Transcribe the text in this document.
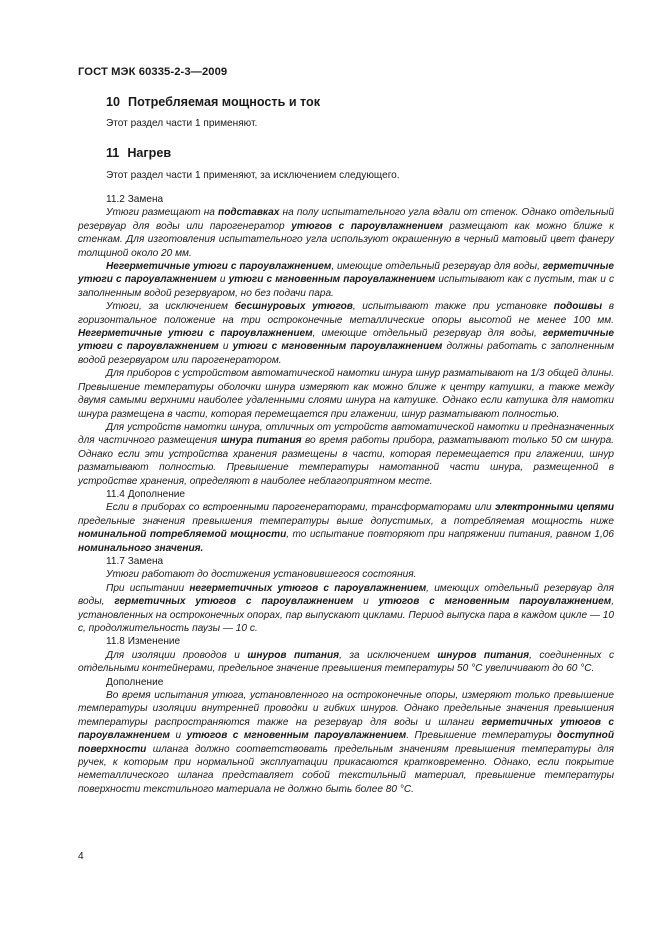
ГОСТ МЭК 60335-2-3—2009
10 Потребляемая мощность и ток
Этот раздел части 1 применяют.
11 Нагрев
Этот раздел части 1 применяют, за исключением следующего.

11.2 Замена

Утюги размещают на подставках на полу испытательного угла вдали от стенок. Однако отдельный резервуар для воды или парогенератор утюгов с пароувлажнением размещают как можно ближе к стенкам. Для изготовления испытательного угла используют окрашенную в черный матовый цвет фанеру толщиной около 20 мм.

Негерметичные утюги с пароувлажнением, имеющие отдельный резервуар для воды, герметичные утюги с пароувлажнением и утюги с мгновенным пароувлажнением испытывают как с пустым, так и с заполненным водой резервуаром, но без подачи пара.

Утюги, за исключением бесшнуровых утюгов, испытывают также при установке подошвы в горизонтальное положение на три остроконечные металлические опоры высотой не менее 100 мм. Негерметичные утюги с пароувлажнением, имеющие отдельный резервуар для воды, герметичные утюги с пароувлажнением и утюги с мгновенным пароувлажнением должны работать с заполненным водой резервуаром или парогенератором.

Для приборов с устройством автоматической намотки шнура шнур разматывают на 1/3 общей длины. Превышение температуры оболочки шнура измеряют как можно ближе к центру катушки, а также между двумя самыми верхними наиболее удаленными слоями шнура на катушке. Однако если катушка для намотки шнура размещена в части, которая перемещается при глажении, шнур разматывают полностью.

Для устройств намотки шнура, отличных от устройств автоматической намотки и предназначенных для частичного размещения шнура питания во время работы прибора, разматывают только 50 см шнура. Однако если эти устройства хранения размещены в части, которая перемещается при глажении, шнур разматывают полностью. Превышение температуры намотанной части шнура, размещенной в устройстве хранения, определяют в наиболее неблагоприятном месте.

11.4 Дополнение

Если в приборах со встроенными парогенераторами, трансформаторами или электронными цепями предельные значения превышения температуры выше допустимых, а потребляемая мощность ниже номинальной потребляемой мощности, то испытание повторяют при напряжении питания, равном 1,06 номинального значения.

11.7 Замена

Утюги работают до достижения установившегося состояния.

При испытании негерметичных утюгов с пароувлажнением, имеющих отдельный резервуар для воды, герметичных утюгов с пароувлажнением и утюгов с мгновенным пароувлажнением, установленных на остроконечных опорах, пар выпускают циклами. Период выпуска пара в каждом цикле — 10 с, продолжительность паузы — 10 с.

11.8 Изменение

Для изоляции проводов и шнуров питания, за исключением шнуров питания, соединенных с отдельными контейнерами, предельное значение превышения температуры 50 °C увеличивают до 60 °C.

Дополнение

Во время испытания утюга, установленного на остроконечные опоры, измеряют только превышение температуры изоляции внутренней проводки и гибких шнуров. Однако предельные значения превышения температуры распространяются также на резервуар для воды и шланги герметичных утюгов с пароувлажнением и утюгов с мгновенным пароувлажнением. Превышение температуры доступной поверхности шланга должно соответствовать предельным значениям превышения температуры для ручек, к которым при нормальной эксплуатации прикасаются кратковременно. Однако, если покрытие неметаллического шланга представляет собой текстильный материал, превышение температуры поверхности текстильного материала не должно быть более 80 °C.

4
